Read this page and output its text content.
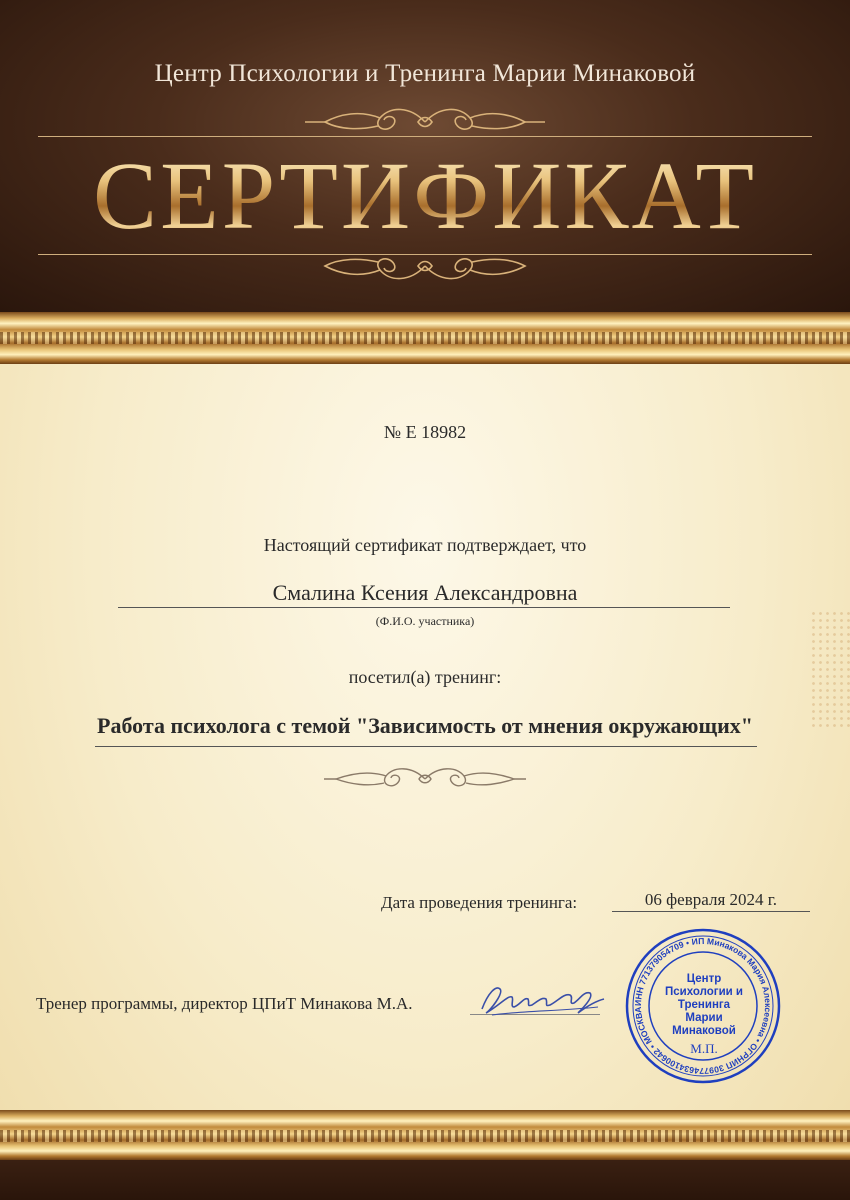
Центр Психологии и Тренинга Марии Минаковой
СЕРТИФИКАТ
№ Е 18982
Настоящий сертификат подтверждает, что
Смалина Ксения Александровна
(Ф.И.О. участника)
посетил(а) тренинг:
Работа психолога с темой "Зависимость от мнения окружающих"
Дата проведения тренинга:	06 февраля 2024 г.
Тренер программы, директор ЦПиТ Минакова М.А.	ИНН 771379054709 • ИП Минакова Мария Алексеевна • ОГРНИП 309774634100642 • МОСКВА
Центр Психологии и Тренинга Марии Минаковой
М.П.
